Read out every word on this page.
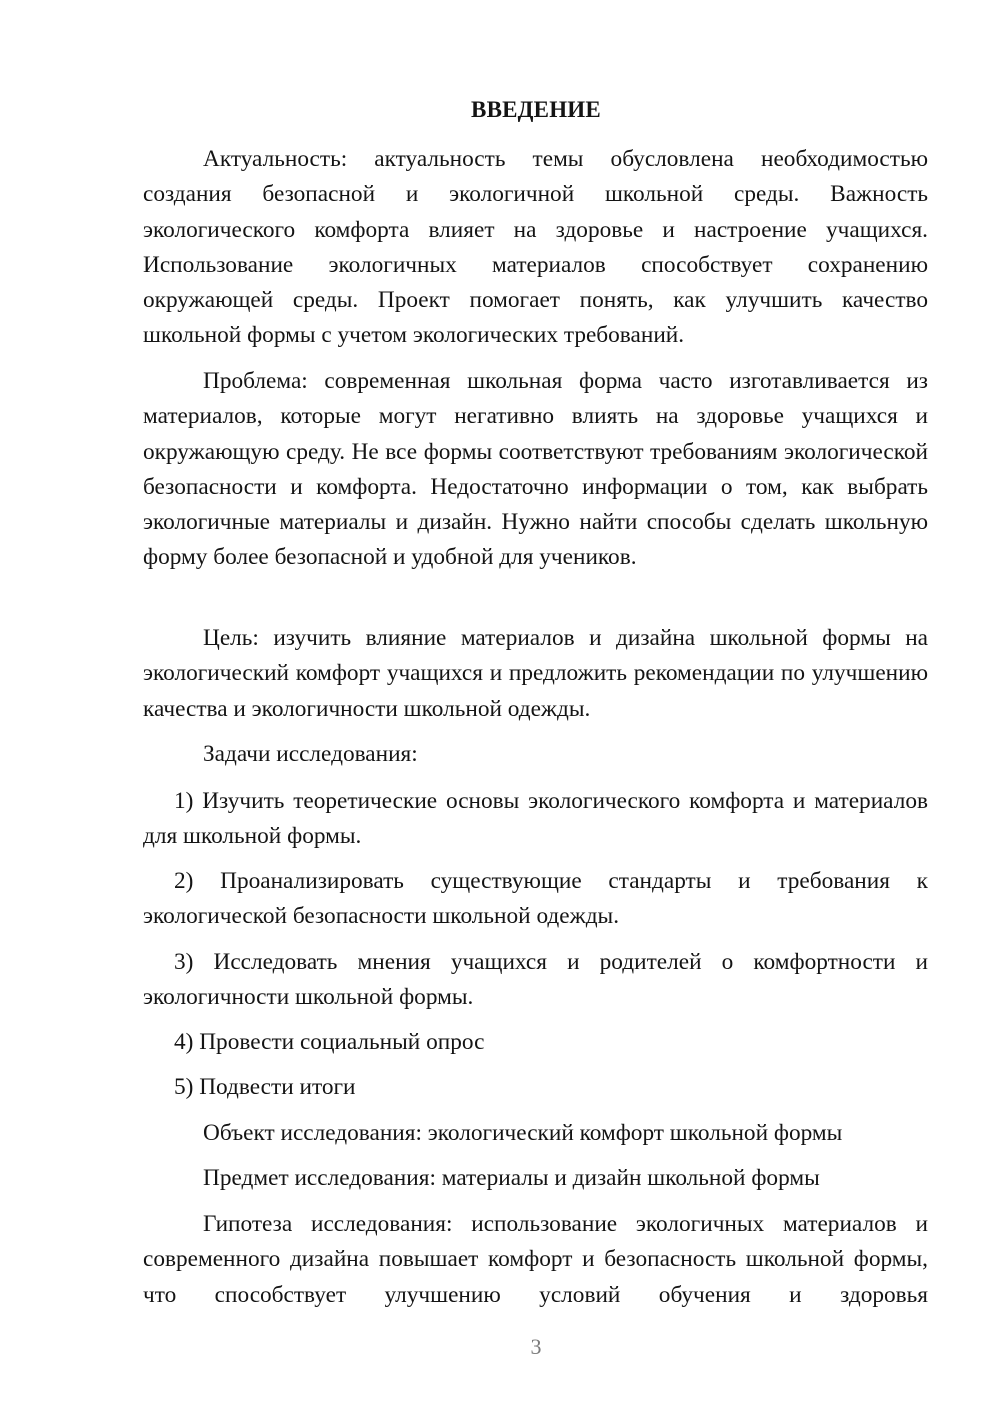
ВВЕДЕНИЕ

Актуальность: актуальность темы обусловлена необходимостью создания безопасной и экологичной школьной среды. Важность экологического комфорта влияет на здоровье и настроение учащихся. Использование экологичных материалов способствует сохранению окружающей среды. Проект помогает понять, как улучшить качество школьной формы с учетом экологических требований.

Проблема: современная школьная форма часто изготавливается из материалов, которые могут негативно влиять на здоровье учащихся и окружающую среду. Не все формы соответствуют требованиям экологической безопасности и комфорта. Недостаточно информации о том, как выбрать экологичные материалы и дизайн. Нужно найти способы сделать школьную форму более безопасной и удобной для учеников.

Цель: изучить влияние материалов и дизайна школьной формы на экологический комфорт учащихся и предложить рекомендации по улучшению качества и экологичности школьной одежды.

Задачи исследования:

1) Изучить теоретические основы экологического комфорта и материалов для школьной формы.

2) Проанализировать существующие стандарты и требования к экологической безопасности школьной одежды.

3) Исследовать мнения учащихся и родителей о комфортности и экологичности школьной формы.

4) Провести социальный опрос

5) Подвести итоги

Объект исследования: экологический комфорт школьной формы

Предмет исследования: материалы и дизайн школьной формы

Гипотеза исследования: использование экологичных материалов и современного дизайна повышает комфорт и безопасность школьной формы, что способствует улучшению условий обучения и здоровья

3
